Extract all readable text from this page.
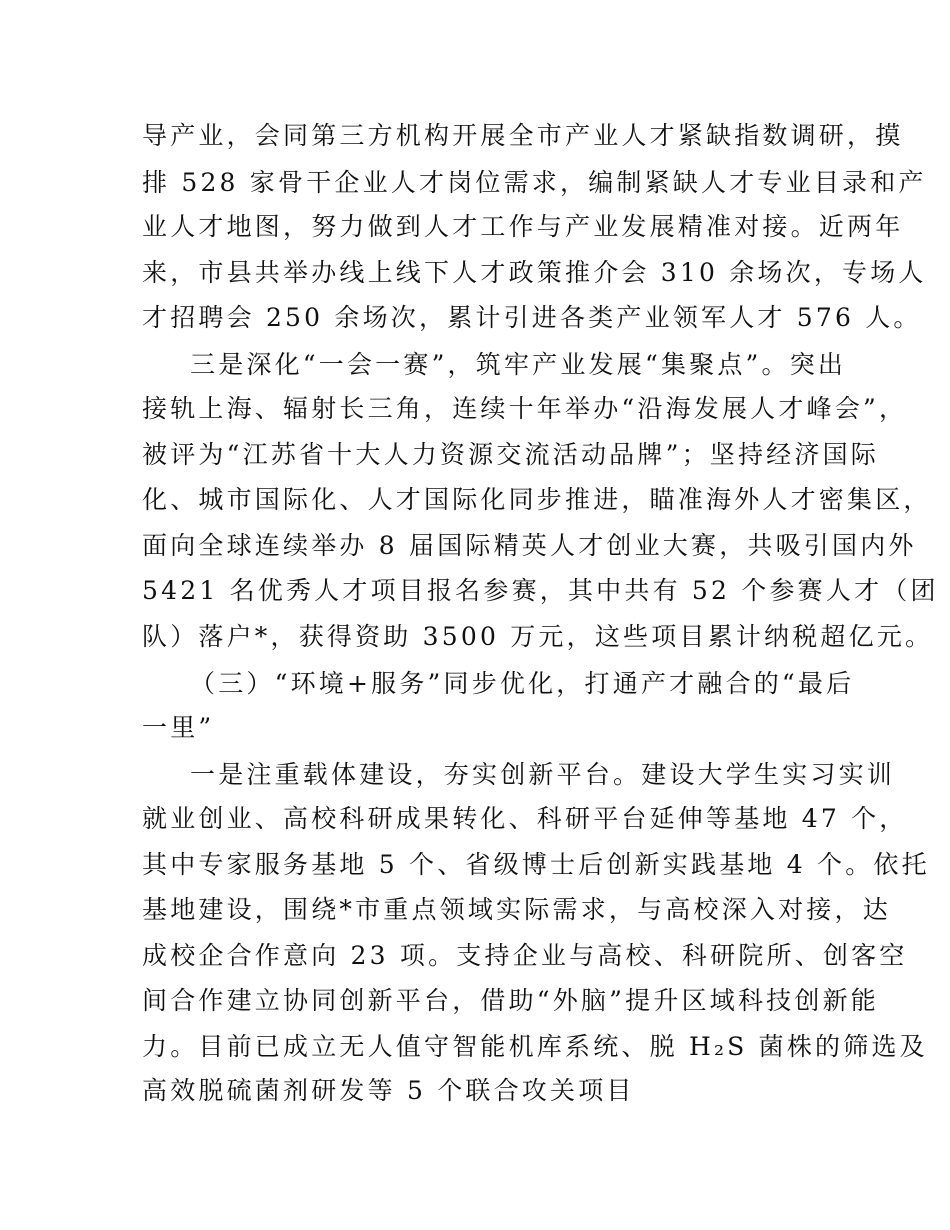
导产业，会同第三方机构开展全市产业人才紧缺指数调研，摸

排 528 家骨干企业人才岗位需求，编制紧缺人才专业目录和产

业人才地图，努力做到人才工作与产业发展精准对接。近两年

来，市县共举办线上线下人才政策推介会 310 余场次，专场人

才招聘会 250 余场次，累计引进各类产业领军人才 576 人。

三是深化“一会一赛”，筑牢产业发展“集聚点”。突出

接轨上海、辐射长三角，连续十年举办“沿海发展人才峰会”，

被评为“江苏省十大人力资源交流活动品牌”；坚持经济国际

化、城市国际化、人才国际化同步推进，瞄准海外人才密集区，

面向全球连续举办 8 届国际精英人才创业大赛，共吸引国内外

5421 名优秀人才项目报名参赛，其中共有 52 个参赛人才（团

队）落户*，获得资助 3500 万元，这些项目累计纳税超亿元。

（三）“环境+服务”同步优化，打通产才融合的“最后

一里”

一是注重载体建设，夯实创新平台。建设大学生实习实训

就业创业、高校科研成果转化、科研平台延伸等基地 47 个，

其中专家服务基地 5 个、省级博士后创新实践基地 4 个。依托

基地建设，围绕*市重点领域实际需求，与高校深入对接，达

成校企合作意向 23 项。支持企业与高校、科研院所、创客空

间合作建立协同创新平台，借助“外脑”提升区域科技创新能

力。目前已成立无人值守智能机库系统、脱 H₂S 菌株的筛选及

高效脱硫菌剂研发等 5 个联合攻关项目
